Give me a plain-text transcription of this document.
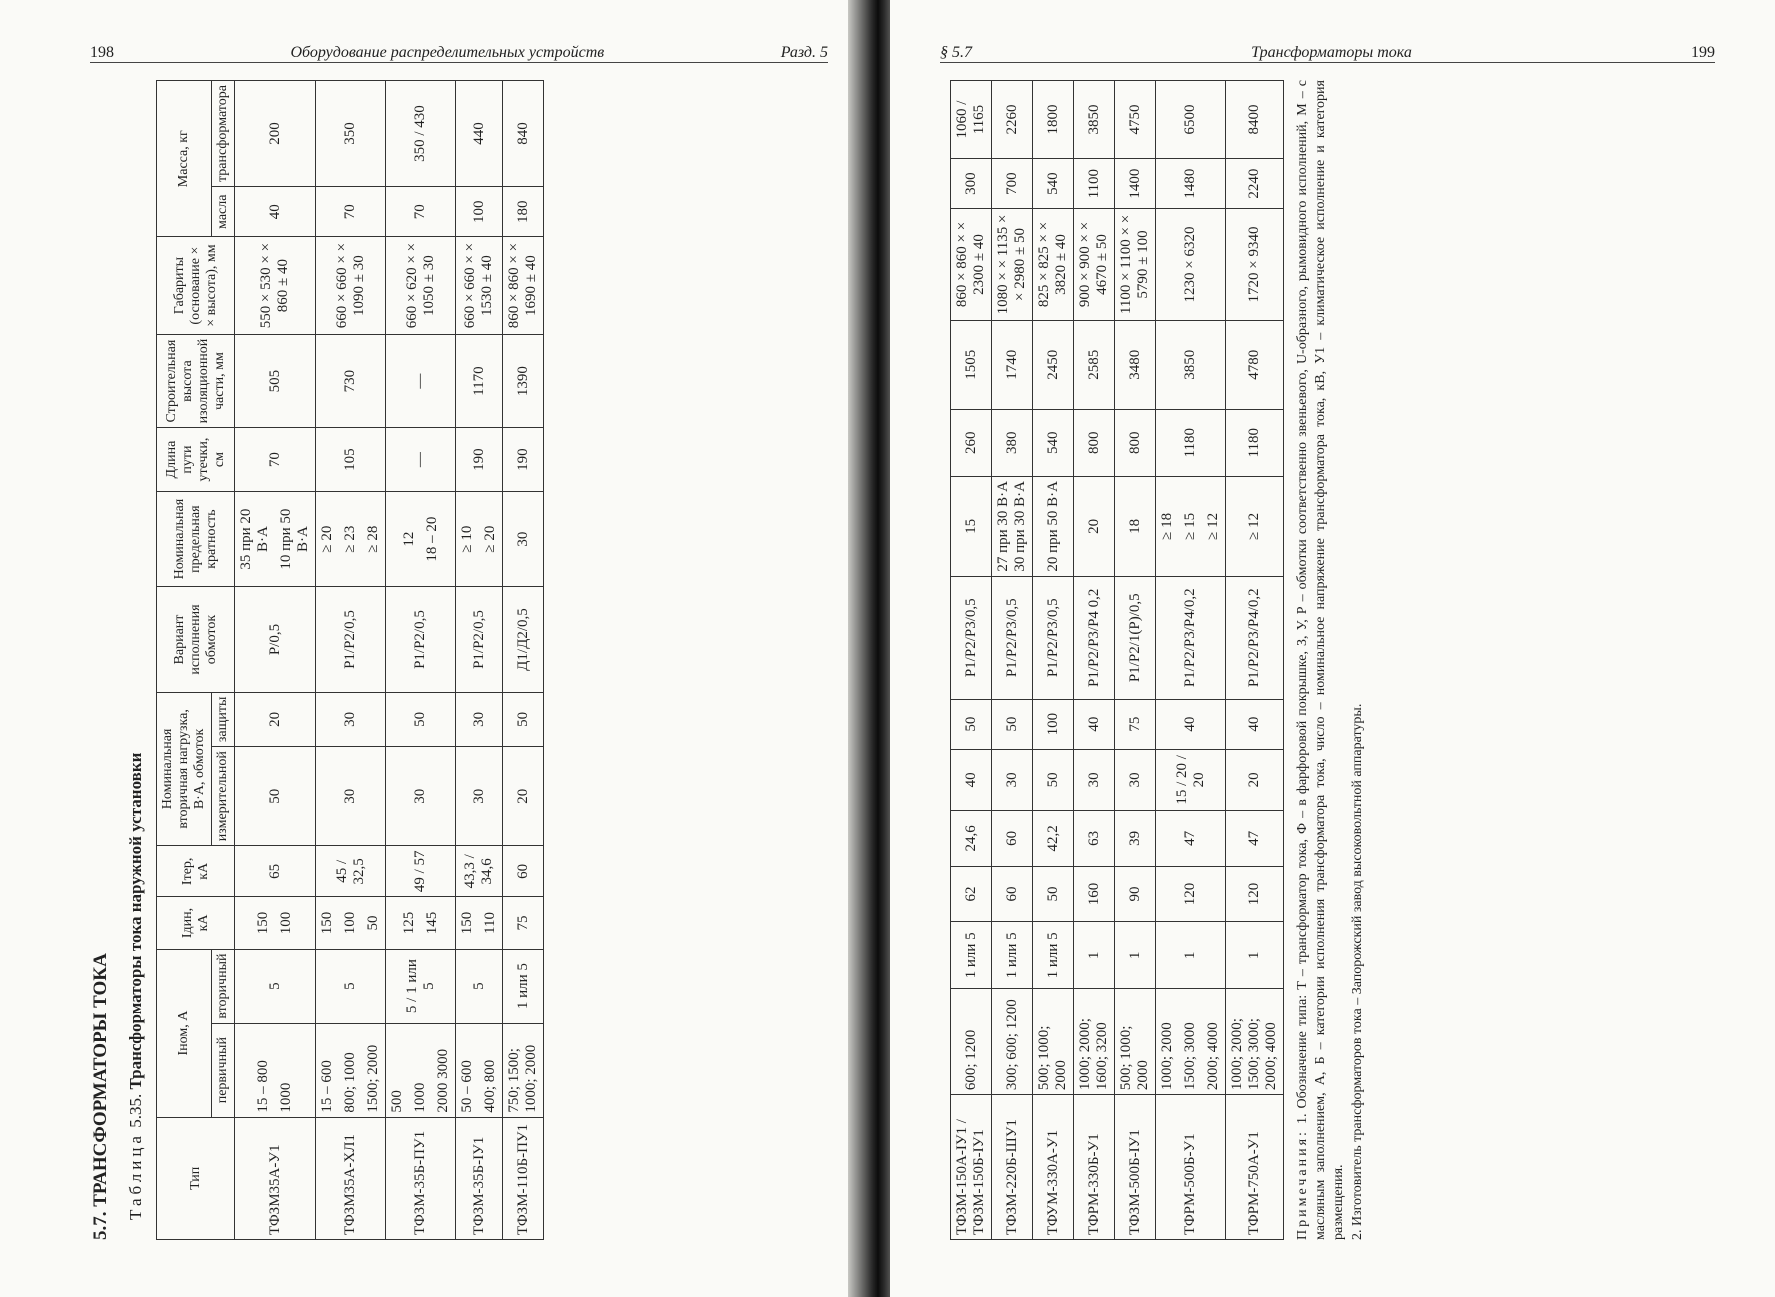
198	Оборудование распределительных устройств	Разд. 5
5.7. ТРАНСФОРМАТОРЫ ТОКА Таблица 5.35. Трансформаторы тока наружной установки
Тип	Iном, А		Iдин, кА	Iтер, кА	Номинальная вторичная нагрузка, В·А, обмоток		Вариант исполнения обмоток	Номинальная предельная кратность	Длина пути утечки, см	Строительная высота изоляционной части, мм	Габариты (основание × × высота), мм	Масса, кг	
	первичный	вторичный			измерительной	защиты						масла	трансформатора
ТФЗМ35А-У1	15 – 800 1000	5	150 100	65	50	20	Р/0,5	35 при 20 В·А 10 при 50 В·А	70	505	550 × 530 × × 860 ± 40	40	200
ТФЗМ35А-ХЛ1	15 – 600 800; 1000 1500; 2000	5	150 100 50	45 / 32,5	30	30	Р1/Р2/0,5	≥ 20 ≥ 23 ≥ 28	105	730	660 × 660 × × 1090 ± 30	70	350
ТФЗМ-35Б-ПУ1	500 1000 2000 3000	5 / 1 или 5	125 145	49 / 57	30	50	Р1/Р2/0,5	12 18 – 20	—	—	660 × 620 × × 1050 ± 30	70	350 / 430
ТФЗМ-35Б-ІУ1	50 – 600 400; 800	5	150 110	43,3 / 34,6	30	30	Р1/Р2/0,5	≥ 10 ≥ 20	190	1170	660 × 660 × × 1530 ± 40	100	440
ТФЗМ-110Б-ПУ1	750; 1500; 1000; 2000	1 или 5	75	60	20	50	Д1/Д2/0,5	30	190	1390	860 × 860 × × 1690 ± 40	180	840
§ 5.7	Трансформаторы тока	199
ТФЗМ-150А-ІУ1 / ТФЗМ-150Б-ІУ1	600; 1200	1 или 5	62	24,6	40	50	Р1/Р2/Р3/0,5	15	260	1505	860 × 860 × × 2300 ± 40	300	1060 / 1165
ТФЗМ-220Б-ШУ1	300; 600; 1200	1 или 5	60	60	30	50	Р1/Р2/Р3/0,5	27 при 30 В·А 30 при 30 В·А	380	1740	1080 × × 1135 × × 2980 ± 50	700	2260
ТФУМ-330А-У1	500; 1000; 2000	1 или 5	50	42,2	50	100	Р1/Р2/Р3/0,5	20 при 50 В·А	540	2450	825 × 825 × × 3820 ± 40	540	1800
ТФРМ-330Б-У1	1000; 2000; 1600; 3200	1	160	63	30	40	Р1/Р2/Р3/Р4 0,2	20	800	2585	900 × 900 × × 4670 ± 50	1100	3850
ТФЗМ-500Б-ІУ1	500; 1000; 2000	1	90	39	30	75	Р1/Р2/1(Р)/0,5	18	800	3480	1100 × 1100 × × 5790 ± 100	1400	4750
ТФРМ-500Б-У1	1000; 2000 1500; 3000 2000; 4000	1	120	47	15 / 20 / 20	40	Р1/Р2/Р3/Р4/0,2	≥ 18 ≥ 15 ≥ 12	1180	3850	1230 × 6320	1480	6500
ТФРМ-750А-У1	1000; 2000; 1500; 3000; 2000; 4000	1	120	47	20	40	Р1/Р2/Р3/Р4/0,2	≥ 12	1180	4780	1720 × 9340	2240	8400
Примечания: 1. Обозначение типа: Т – трансформатор тока, Ф – в фарфоровой покрышке, З, У, Р – обмотки соответственно звеньевого, U-образного, рымовидного исполнений, М – с масляным заполнением, А, Б – категории исполнения трансформатора тока, число – номинальное напряжение трансформатора тока, кВ, У1 – климатическое исполнение и категория размещения. 2. Изготовитель трансформаторов тока – Запорожский завод высоковольтной аппаратуры.
